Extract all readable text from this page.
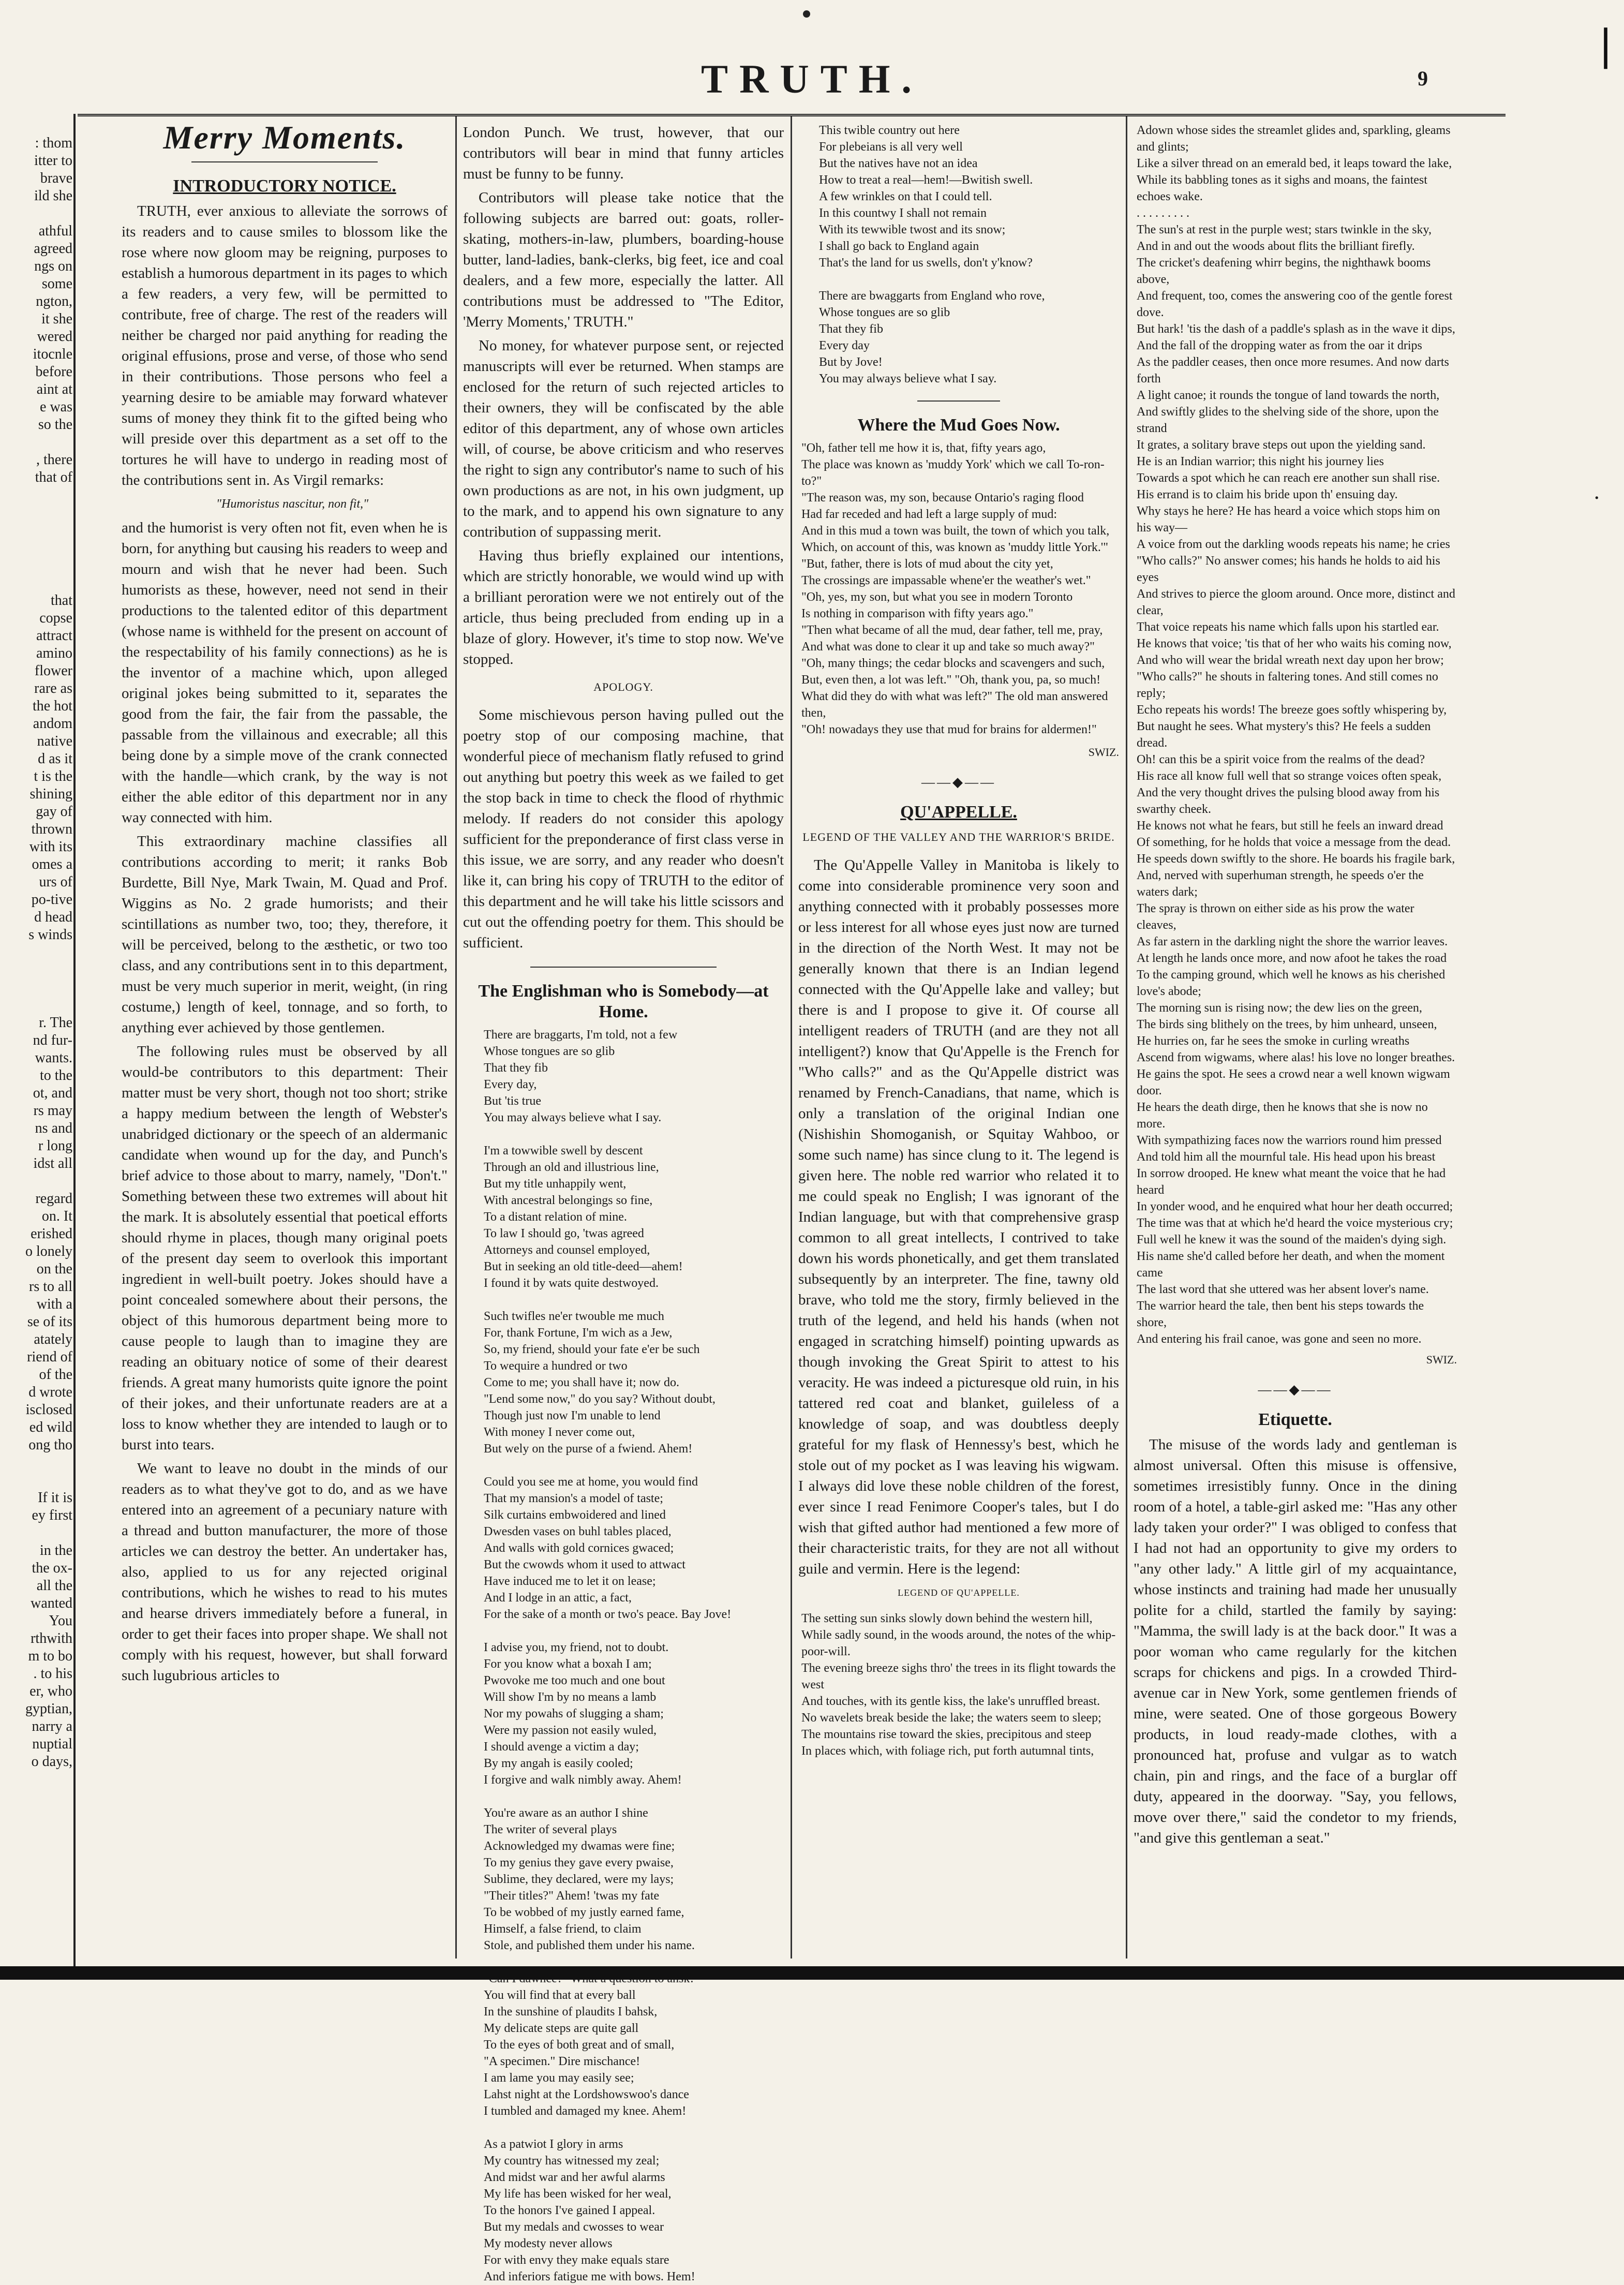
❘
·
TRUTH.	9
: thom
itter to
brave
ild she
athful
agreed
ngs on
some
ngton,
it she
wered
itocnle
before
aint at
e was
so the
, there
that of
that
copse
attract
amino
flower
rare as
the hot
andom
native
d as it
t is the
shining
gay of
thrown
with its
omes a
urs of
po-tive
d head
s winds
r. The
nd fur-
wants.
to the
ot, and
rs may
ns and
r long
idst all
regard
on. It
erished
o lonely
on the
rs to all
with a
se of its
atately
riend of
of the
d wrote
isclosed
ed wild
ong tho
If it is
ey first
in the
the ox-
all the
wanted
You
rthwith
m to bo
. to his
er, who
gyptian,
narry a
nuptial
o days,
Merry Moments.
INTRODUCTORY NOTICE.

TRUTH, ever anxious to alleviate the sorrows of its readers and to cause smiles to blossom like the rose where now gloom may be reigning, purposes to establish a humorous department in its pages to which a few readers, a very few, will be permitted to contribute, free of charge. The rest of the readers will neither be charged nor paid anything for reading the original effusions, prose and verse, of those who send in their contributions. Those persons who feel a yearning desire to be amiable may forward whatever sums of money they think fit to the gifted being who will preside over this department as a set off to the tortures he will have to undergo in reading most of the contributions sent in. As Virgil remarks:

"Humoristus nascitur, non fit,"

and the humorist is very often not fit, even when he is born, for anything but causing his readers to weep and mourn and wish that he never had been. Such humorists as these, however, need not send in their productions to the talented editor of this department (whose name is withheld for the present on account of the respectability of his family connections) as he is the inventor of a machine which, upon alleged original jokes being submitted to it, separates the good from the fair, the fair from the passable, the passable from the villainous and execrable; all this being done by a simple move of the crank connected with the handle—which crank, by the way is not either the able editor of this department nor in any way connected with him.

This extraordinary machine classifies all contributions according to merit; it ranks Bob Burdette, Bill Nye, Mark Twain, M. Quad and Prof. Wiggins as No. 2 grade humorists; and their scintillations as number two, too; they, therefore, it will be perceived, belong to the æsthetic, or two too class, and any contributions sent in to this department, must be very much superior in merit, weight, (in ring costume,) length of keel, tonnage, and so forth, to anything ever achieved by those gentlemen.

The following rules must be observed by all would-be contributors to this department: Their matter must be very short, though not too short; strike a happy medium between the length of Webster's unabridged dictionary or the speech of an aldermanic candidate when wound up for the day, and Punch's brief advice to those about to marry, namely, "Don't." Something between these two extremes will about hit the mark. It is absolutely essential that poetical efforts should rhyme in places, though many original poets of the present day seem to overlook this important ingredient in well-built poetry. Jokes should have a point concealed somewhere about their persons, the object of this humorous department being more to cause people to laugh than to imagine they are reading an obituary notice of some of their dearest friends. A great many humorists quite ignore the point of their jokes, and their unfortunate readers are at a loss to know whether they are intended to laugh or to burst into tears.

We want to leave no doubt in the minds of our readers as to what they've got to do, and as we have entered into an agreement of a pecuniary nature with a thread and button manufacturer, the more of those articles we can destroy the better. An undertaker has, also, applied to us for any rejected original contributions, which he wishes to read to his mutes and hearse drivers immediately before a funeral, in order to get their faces into proper shape. We shall not comply with his request, however, but shall forward such lugubrious articles to

London Punch. We trust, however, that our contributors will bear in mind that funny articles must be funny to be funny.

Contributors will please take notice that the following subjects are barred out: goats, roller-skating, mothers-in-law, plumbers, boarding-house butter, land-ladies, bank-clerks, big feet, ice and coal dealers, and a few more, especially the latter. All contributions must be addressed to "The Editor, 'Merry Moments,' TRUTH."

No money, for whatever purpose sent, or rejected manuscripts will ever be returned. When stamps are enclosed for the return of such rejected articles to their owners, they will be confiscated by the able editor of this department, any of whose own articles will, of course, be above criticism and who reserves the right to sign any contributor's name to such of his own productions as are not, in his own judgment, up to the mark, and to append his own signature to any contribution of suppassing merit.

Having thus briefly explained our intentions, which are strictly honorable, we would wind up with a brilliant peroration were we not entirely out of the article, thus being precluded from ending up in a blaze of glory. However, it's time to stop now. We've stopped.

APOLOGY.

Some mischievous person having pulled out the poetry stop of our composing machine, that wonderful piece of mechanism flatly refused to grind out anything but poetry this week as we failed to get the stop back in time to check the flood of rhythmic melody. If readers do not consider this apology sufficient for the preponderance of first class verse in this issue, we are sorry, and any reader who doesn't like it, can bring his copy of TRUTH to the editor of this department and he will take his little scissors and cut out the offending poetry for them. This should be sufficient.

The Englishman who is Somebody—at Home.
There are braggarts, I'm told, not a few
Whose tongues are so glib
That they fib
Every day,
But 'tis true
You may always believe what I say.

I'm a towwible swell by descent
Through an old and illustrious line,
But my title unhappily went,
With ancestral belongings so fine,
To a distant relation of mine.
To law I should go, 'twas agreed
Attorneys and counsel employed,
But in seeking an old title-deed—ahem!
I found it by wats quite destwoyed.

Such twifles ne'er twouble me much
For, thank Fortune, I'm wich as a Jew,
So, my friend, should your fate e'er be such
To wequire a hundred or two
Come to me; you shall have it; now do.
"Lend some now," do you say? Without doubt,
Though just now I'm unable to lend
With money I never come out,
But wely on the purse of a fwiend. Ahem!

Could you see me at home, you would find
That my mansion's a model of taste;
Silk curtains embwoidered and lined
Dwesden vases on buhl tables placed,
And walls with gold cornices gwaced;
But the cwowds whom it used to attwact
Have induced me to let it on lease;
And I lodge in an attic, a fact,
For the sake of a month or two's peace. Bay Jove!

I advise you, my friend, not to doubt.
For you know what a boxah I am;
Pwovoke me too much and one bout
Will show I'm by no means a lamb
Nor my powahs of slugging a sham;
Were my passion not easily wuled,
I should avenge a victim a day;
By my angah is easily cooled;
I forgive and walk nimbly away. Ahem!

You're aware as an author I shine
The writer of several plays
Acknowledged my dwamas were fine;
To my genius they gave every pwaise,
Sublime, they declared, were my lays;
"Their titles?" Ahem! 'twas my fate
To be wobbed of my justly earned fame,
Himself, a false friend, to claim
Stole, and published them under his name.

You will find that at every ball
In the sunshine of plaudits I bahsk,
My delicate steps are quite gall
To the eyes of both great and of small,
"A specimen." Dire mischance!
I am lame you may easily see;
Lahst night at the Lordshowswoo's dance
I tumbled and damaged my knee. Ahem!

As a patwiot I glory in arms
My country has witnessed my zeal;
And midst war and her awful alarms
My life has been wisked for her weal,
To the honors I've gained I appeal.
But my medals and cwosses to wear
My modesty never allows
For with envy they make equals stare
And inferiors fatigue me with bows. Hem!
This twible country out here
For plebeians is all very well
But the natives have not an idea
How to treat a real—hem!—Bwitish swell.
A few wrinkles on that I could tell.
In this countwy I shall not remain
With its tewwible twost and its snow;
I shall go back to England again
That's the land for us swells, don't y'know?

There are bwaggarts from England who rove,
Whose tongues are so glib
That they fib
Every day
But by Jove!
You may always believe what I say.
Where the Mud Goes Now.
"Oh, father tell me how it is, that, fifty years ago,
The place was known as 'muddy York' which we call To-ron-to?"
"The reason was, my son, because Ontario's raging flood
Had far receded and had left a large supply of mud:
And in this mud a town was built, the town of which you talk,
Which, on account of this, was known as 'muddy little York.'"
"But, father, there is lots of mud about the city yet,
The crossings are impassable whene'er the weather's wet."
"Oh, yes, my son, but what you see in modern Toronto
Is nothing in comparison with fifty years ago."
"Then what became of all the mud, dear father, tell me, pray,
And what was done to clear it up and take so much away?"
"Oh, many things; the cedar blocks and scavengers and such,
But, even then, a lot was left." "Oh, thank you, pa, so much!
What did they do with what was left?" The old man answered then,
"Oh! nowadays they use that mud for brains for aldermen!"
SWIZ.
——◆——
QU'APPELLE.
LEGEND OF THE VALLEY AND THE WARRIOR'S BRIDE.

The Qu'Appelle Valley in Manitoba is likely to come into considerable prominence very soon and anything connected with it probably possesses more or less interest for all whose eyes just now are turned in the direction of the North West. It may not be generally known that there is an Indian legend connected with the Qu'Appelle lake and valley; but there is and I propose to give it. Of course all intelligent readers of TRUTH (and are they not all intelligent?) know that Qu'Appelle is the French for "Who calls?" and as the Qu'Appelle district was renamed by French-Canadians, that name, which is only a translation of the original Indian one (Nishishin Shomoganish, or Squitay Wahboo, or some such name) has since clung to it. The legend is given here. The noble red warrior who related it to me could speak no English; I was ignorant of the Indian language, but with that comprehensive grasp common to all great intellects, I contrived to take down his words phonetically, and get them translated subsequently by an interpreter. The fine, tawny old brave, who told me the story, firmly believed in the truth of the legend, and held his hands (when not engaged in scratching himself) pointing upwards as though invoking the Great Spirit to attest to his veracity. He was indeed a picturesque old ruin, in his tattered red coat and blanket, guileless of a knowledge of soap, and was doubtless deeply grateful for my flask of Hennessy's best, which he stole out of my pocket as I was leaving his wigwam. I always did love these noble children of the forest, ever since I read Fenimore Cooper's tales, but I do wish that gifted author had mentioned a few more of their characteristic traits, for they are not all without guile and vermin. Here is the legend:

LEGEND OF QU'APPELLE.
The setting sun sinks slowly down behind the western hill,
While sadly sound, in the woods around, the notes of the whip-poor-will.
The evening breeze sighs thro' the trees in its flight towards the west
And touches, with its gentle kiss, the lake's unruffled breast.
No wavelets break beside the lake; the waters seem to sleep;
The mountains rise toward the skies, precipitous and steep
In places which, with foliage rich, put forth autumnal tints,
Adown whose sides the streamlet glides and, sparkling, gleams and glints;
Like a silver thread on an emerald bed, it leaps toward the lake,
While its babbling tones as it sighs and moans, the faintest echoes wake.
. . . . . . . . .
The sun's at rest in the purple west; stars twinkle in the sky,
And in and out the woods about flits the brilliant firefly.
The cricket's deafening whirr begins, the nighthawk booms above,
And frequent, too, comes the answering coo of the gentle forest dove.
But hark! 'tis the dash of a paddle's splash as in the wave it dips,
And the fall of the dropping water as from the oar it drips
As the paddler ceases, then once more resumes. And now darts forth
A light canoe; it rounds the tongue of land towards the north,
And swiftly glides to the shelving side of the shore, upon the strand
It grates, a solitary brave steps out upon the yielding sand.
He is an Indian warrior; this night his journey lies
Towards a spot which he can reach ere another sun shall rise.
His errand is to claim his bride upon th' ensuing day.
Why stays he here? He has heard a voice which stops him on his way—
A voice from out the darkling woods repeats his name; he cries
"Who calls?" No answer comes; his hands he holds to aid his eyes
And strives to pierce the gloom around. Once more, distinct and clear,
That voice repeats his name which falls upon his startled ear.
He knows that voice; 'tis that of her who waits his coming now,
And who will wear the bridal wreath next day upon her brow;
"Who calls?" he shouts in faltering tones. And still comes no reply;
Echo repeats his words! The breeze goes softly whispering by,
But naught he sees. What mystery's this? He feels a sudden dread.
Oh! can this be a spirit voice from the realms of the dead?
His race all know full well that so strange voices often speak,
And the very thought drives the pulsing blood away from his swarthy cheek.
He knows not what he fears, but still he feels an inward dread
Of something, for he holds that voice a message from the dead.
He speeds down swiftly to the shore. He boards his fragile bark,
And, nerved with superhuman strength, he speeds o'er the waters dark;
The spray is thrown on either side as his prow the water cleaves,
As far astern in the darkling night the shore the warrior leaves.
At length he lands once more, and now afoot he takes the road
To the camping ground, which well he knows as his cherished love's abode;
The morning sun is rising now; the dew lies on the green,
The birds sing blithely on the trees, by him unheard, unseen,
He hurries on, far he sees the smoke in curling wreaths
Ascend from wigwams, where alas! his love no longer breathes.
He gains the spot. He sees a crowd near a well known wigwam door.
He hears the death dirge, then he knows that she is now no more.
With sympathizing faces now the warriors round him pressed
And told him all the mournful tale. His head upon his breast
In sorrow drooped. He knew what meant the voice that he had heard
In yonder wood, and he enquired what hour her death occurred;
The time was that at which he'd heard the voice mysterious cry;
Full well he knew it was the sound of the maiden's dying sigh.
His name she'd called before her death, and when the moment came
The last word that she uttered was her absent lover's name.
The warrior heard the tale, then bent his steps towards the shore,
And entering his frail canoe, was gone and seen no more.
SWIZ.
——◆——
Etiquette.

The misuse of the words lady and gentleman is almost universal. Often this misuse is offensive, sometimes irresistibly funny. Once in the dining room of a hotel, a table-girl asked me: "Has any other lady taken your order?" I was obliged to confess that I had not had an opportunity to give my orders to "any other lady." A little girl of my acquaintance, whose instincts and training had made her unusually polite for a child, startled the family by saying: "Mamma, the swill lady is at the back door." It was a poor woman who came regularly for the kitchen scraps for chickens and pigs. In a crowded Third-avenue car in New York, some gentlemen friends of mine, were seated. One of those gorgeous Bowery products, in loud ready-made clothes, with a pronounced hat, profuse and vulgar as to watch chain, pin and rings, and the face of a burglar off duty, appeared in the doorway. "Say, you fellows, move over there," said the condetor to my friends, "and give this gentleman a seat."
